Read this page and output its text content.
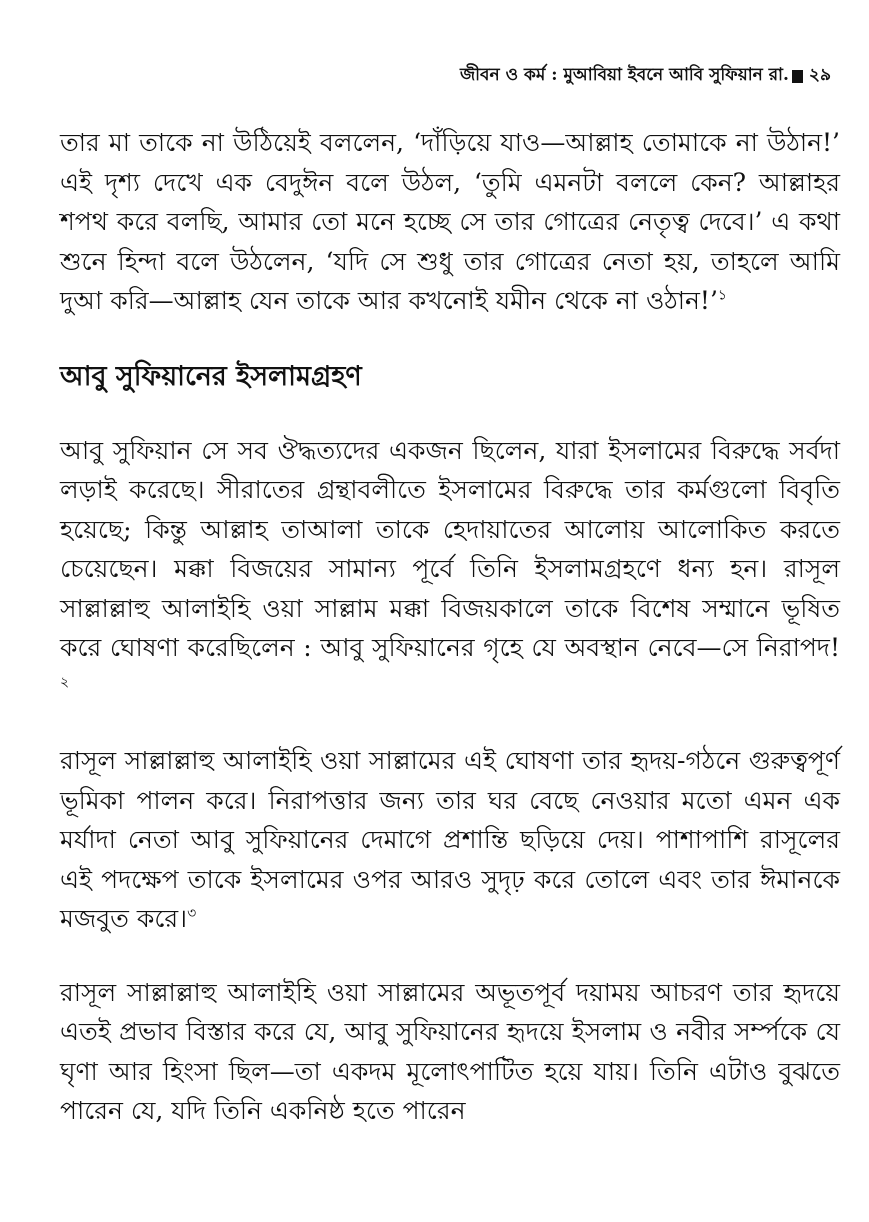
জীবন ও কর্ম : মুআবিয়া ইবনে আবি সুফিয়ান রা. ২৯

তার মা তাকে না উঠিয়েই বললেন, ‘দাঁড়িয়ে যাও—আল্লাহ তোমাকে না উঠান!’ এই দৃশ্য দেখে এক বেদুঈন বলে উঠল, ‘তুমি এমনটা বললে কেন? আল্লাহর শপথ করে বলছি, আমার তো মনে হচ্ছে সে তার গোত্রের নেতৃত্ব দেবে।’ এ কথা শুনে হিন্দা বলে উঠলেন, ‘যদি সে শুধু তার গোত্রের নেতা হয়, তাহলে আমি দুআ করি—আল্লাহ যেন তাকে আর কখনোই যমীন থেকে না ওঠান!’$^১$

আবু সুফিয়ানের ইসলামগ্রহণ

আবু সুফিয়ান সে সব ঔদ্ধত্যদের একজন ছিলেন, যারা ইসলামের বিরুদ্ধে সর্বদা লড়াই করেছে। সীরাতের গ্রন্থাবলীতে ইসলামের বিরুদ্ধে তার কর্মগুলো বিবৃতি হয়েছে; কিন্তু আল্লাহ তাআলা তাকে হেদায়াতের আলোয় আলোকিত করতে চেয়েছেন। মক্কা বিজয়ের সামান্য পূর্বে তিনি ইসলামগ্রহণে ধন্য হন। রাসূল সাল্লাল্লাহু আলাইহি ওয়া সাল্লাম মক্কা বিজয়কালে তাকে বিশেষ সম্মানে ভূষিত করে ঘোষণা করেছিলেন : আবু সুফিয়ানের গৃহে যে অবস্থান নেবে—সে নিরাপদ!$^২$

রাসূল সাল্লাল্লাহু আলাইহি ওয়া সাল্লামের এই ঘোষণা তার হৃদয়-গঠনে গুরুত্বপূর্ণ ভূমিকা পালন করে। নিরাপত্তার জন্য তার ঘর বেছে নেওয়ার মতো এমন এক মর্যাদা নেতা আবু সুফিয়ানের দেমাগে প্রশান্তি ছড়িয়ে দেয়। পাশাপাশি রাসূলের এই পদক্ষেপ তাকে ইসলামের ওপর আরও সুদৃঢ় করে তোলে এবং তার ঈমানকে মজবুত করে।$^৩$

রাসূল সাল্লাল্লাহু আলাইহি ওয়া সাল্লামের অভূতপূর্ব দয়াময় আচরণ তার হৃদয়ে এতই প্রভাব বিস্তার করে যে, আবু সুফিয়ানের হৃদয়ে ইসলাম ও নবীর সর্ম্পকে যে ঘৃণা আর হিংসা ছিল—তা একদম মূলোৎপাটিত হয়ে যায়। তিনি এটাও বুঝতে পারেন যে, যদি তিনি একনিষ্ঠ হতে পারেন
